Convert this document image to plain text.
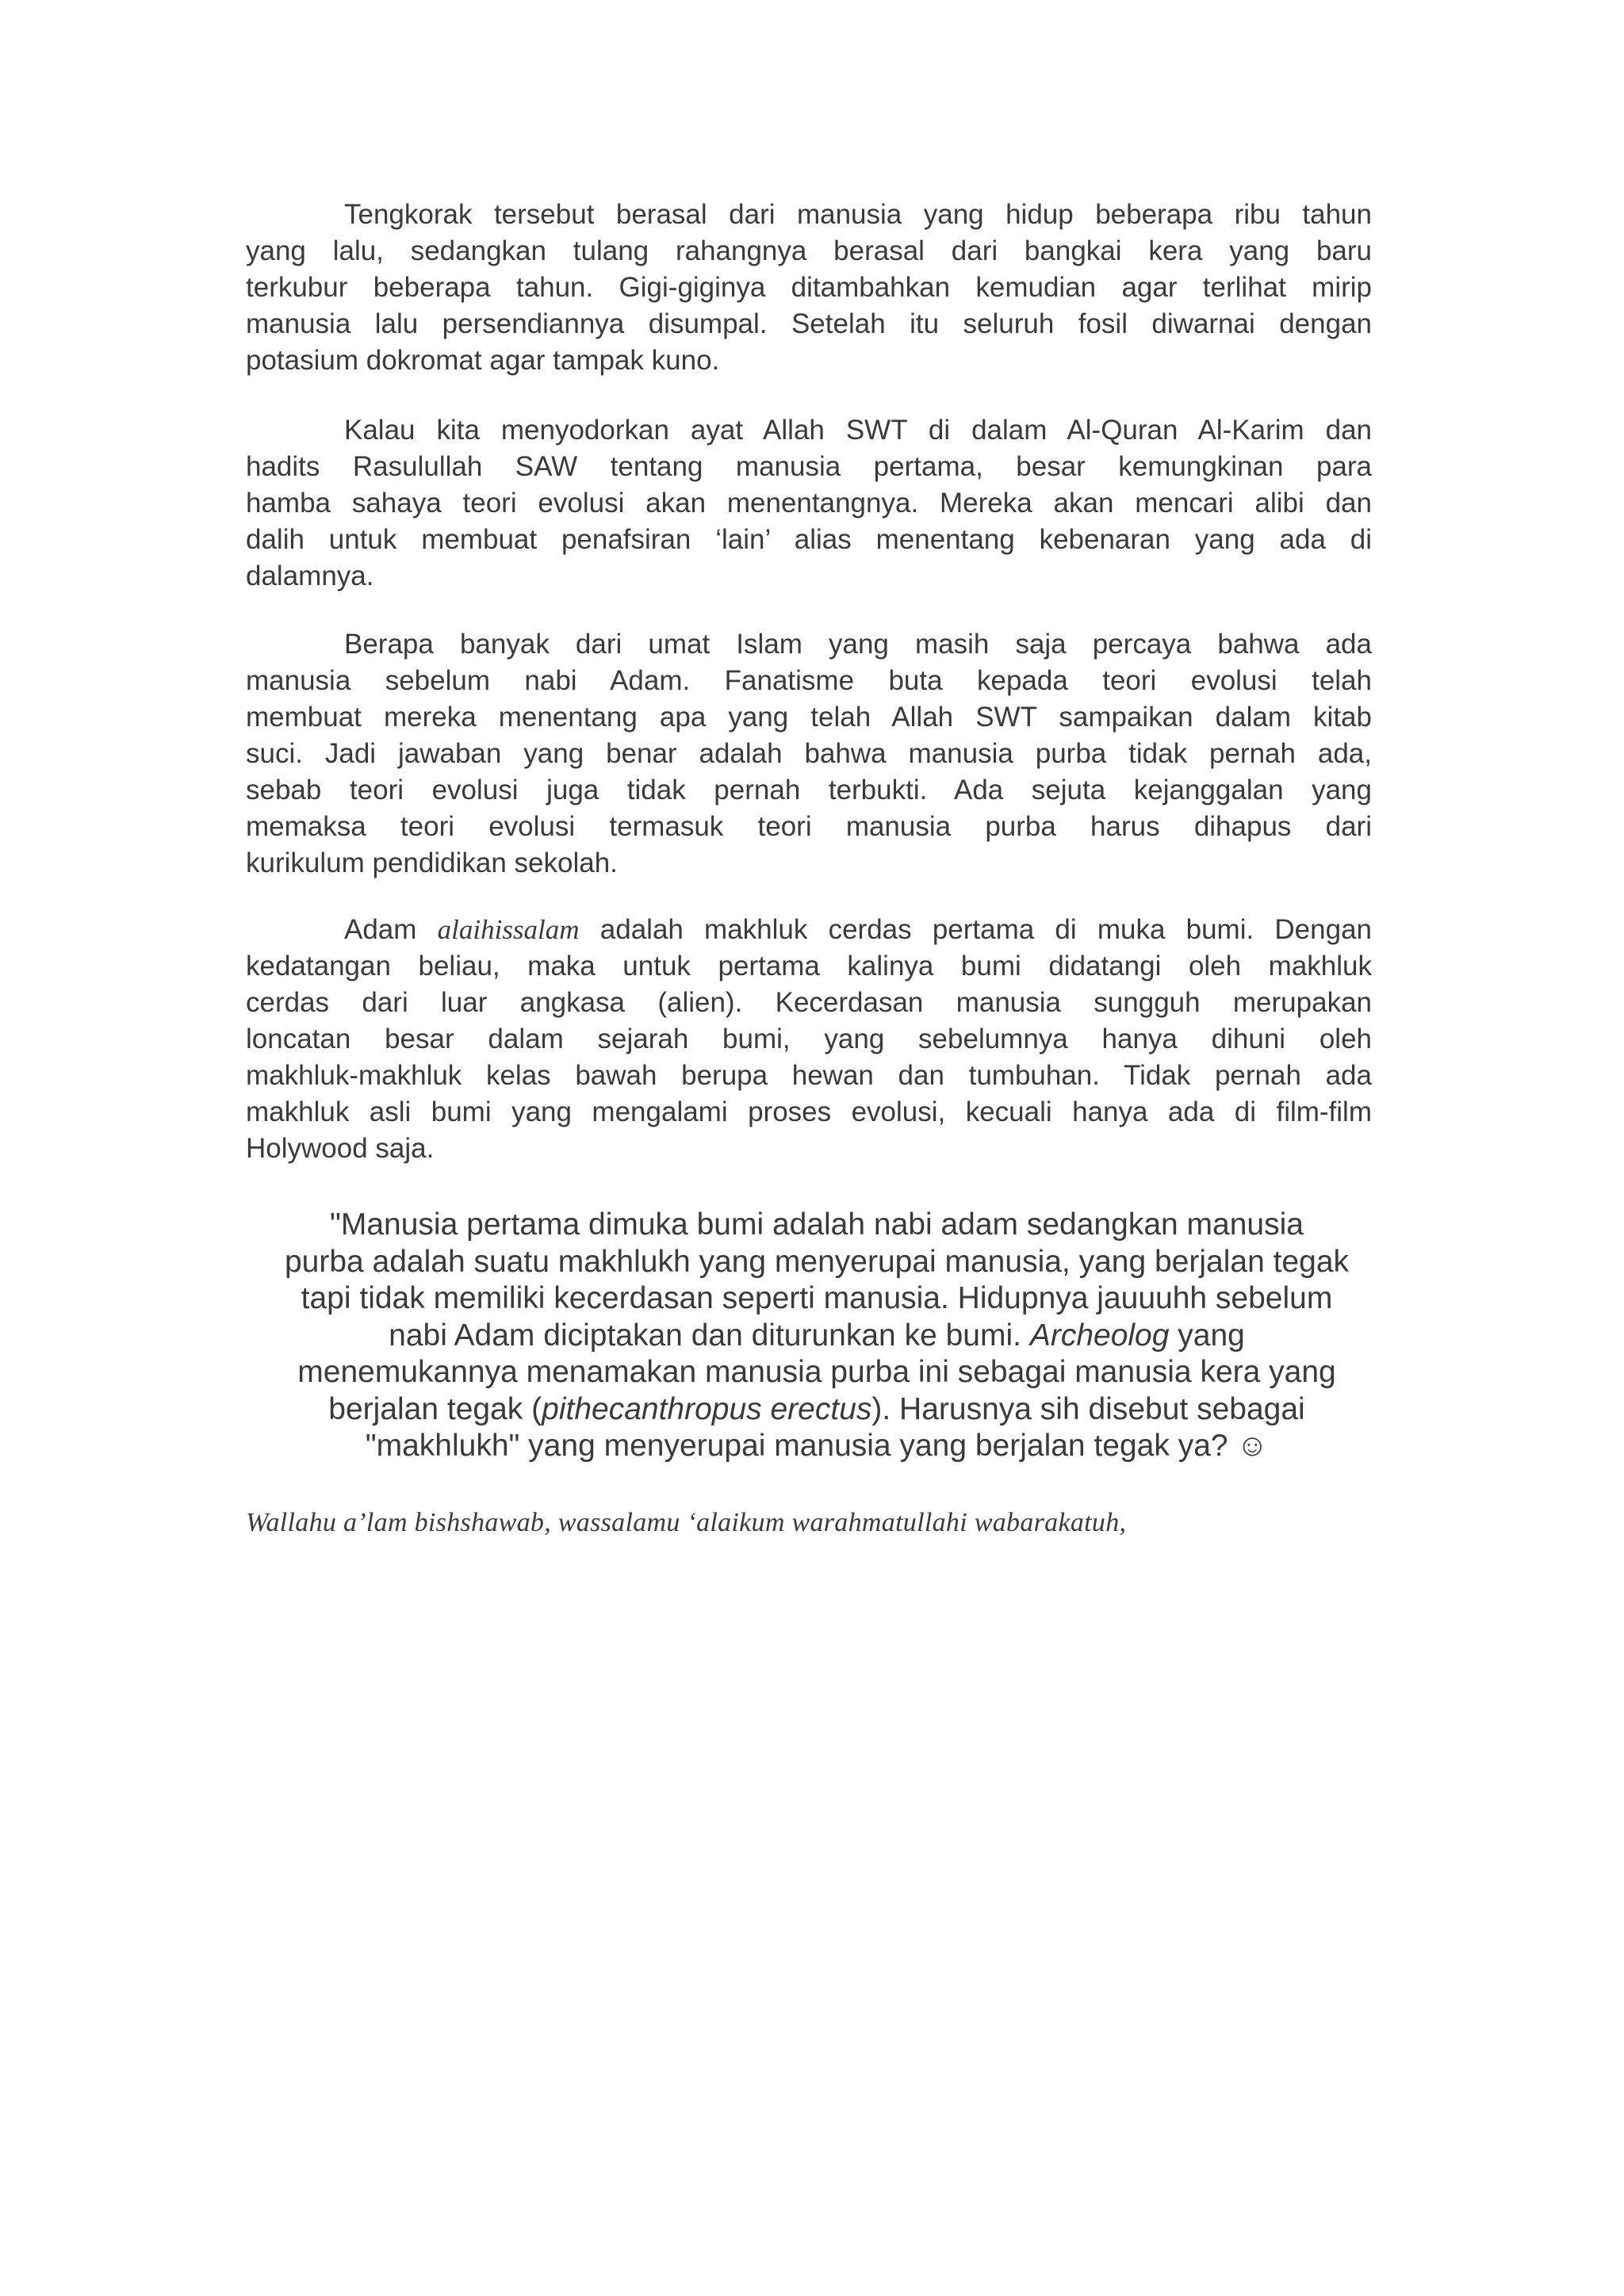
Tengkorak tersebut berasal dari manusia yang hidup beberapa ribu tahun
yang lalu, sedangkan tulang rahangnya berasal dari bangkai kera yang baru
terkubur beberapa tahun. Gigi-giginya ditambahkan kemudian agar terlihat mirip
manusia lalu persendiannya disumpal. Setelah itu seluruh fosil diwarnai dengan
potasium dokromat agar tampak kuno.
Kalau kita menyodorkan ayat Allah SWT di dalam Al-Quran Al-Karim dan
hadits Rasulullah SAW tentang manusia pertama, besar kemungkinan para
hamba sahaya teori evolusi akan menentangnya. Mereka akan mencari alibi dan
dalih untuk membuat penafsiran ‘lain’ alias menentang kebenaran yang ada di
dalamnya.
Berapa banyak dari umat Islam yang masih saja percaya bahwa ada
manusia sebelum nabi Adam. Fanatisme buta kepada teori evolusi telah
membuat mereka menentang apa yang telah Allah SWT sampaikan dalam kitab
suci. Jadi jawaban yang benar adalah bahwa manusia purba tidak pernah ada,
sebab teori evolusi juga tidak pernah terbukti. Ada sejuta kejanggalan yang
memaksa teori evolusi termasuk teori manusia purba harus dihapus dari
kurikulum pendidikan sekolah.
Adam alaihissalam adalah makhluk cerdas pertama di muka bumi. Dengan
kedatangan beliau, maka untuk pertama kalinya bumi didatangi oleh makhluk
cerdas dari luar angkasa (alien). Kecerdasan manusia sungguh merupakan
loncatan besar dalam sejarah bumi, yang sebelumnya hanya dihuni oleh
makhluk-makhluk kelas bawah berupa hewan dan tumbuhan. Tidak pernah ada
makhluk asli bumi yang mengalami proses evolusi, kecuali hanya ada di film-film
Holywood saja.
"Manusia pertama dimuka bumi adalah nabi adam sedangkan manusia
purba adalah suatu makhlukh yang menyerupai manusia, yang berjalan tegak
tapi tidak memiliki kecerdasan seperti manusia. Hidupnya jauuuhh sebelum
nabi Adam diciptakan dan diturunkan ke bumi. Archeolog yang
menemukannya menamakan manusia purba ini sebagai manusia kera yang
berjalan tegak (pithecanthropus erectus). Harusnya sih disebut sebagai
"makhlukh" yang menyerupai manusia yang berjalan tegak ya? ☺
Wallahu a’lam bishshawab, wassalamu ‘alaikum warahmatullahi wabarakatuh,
